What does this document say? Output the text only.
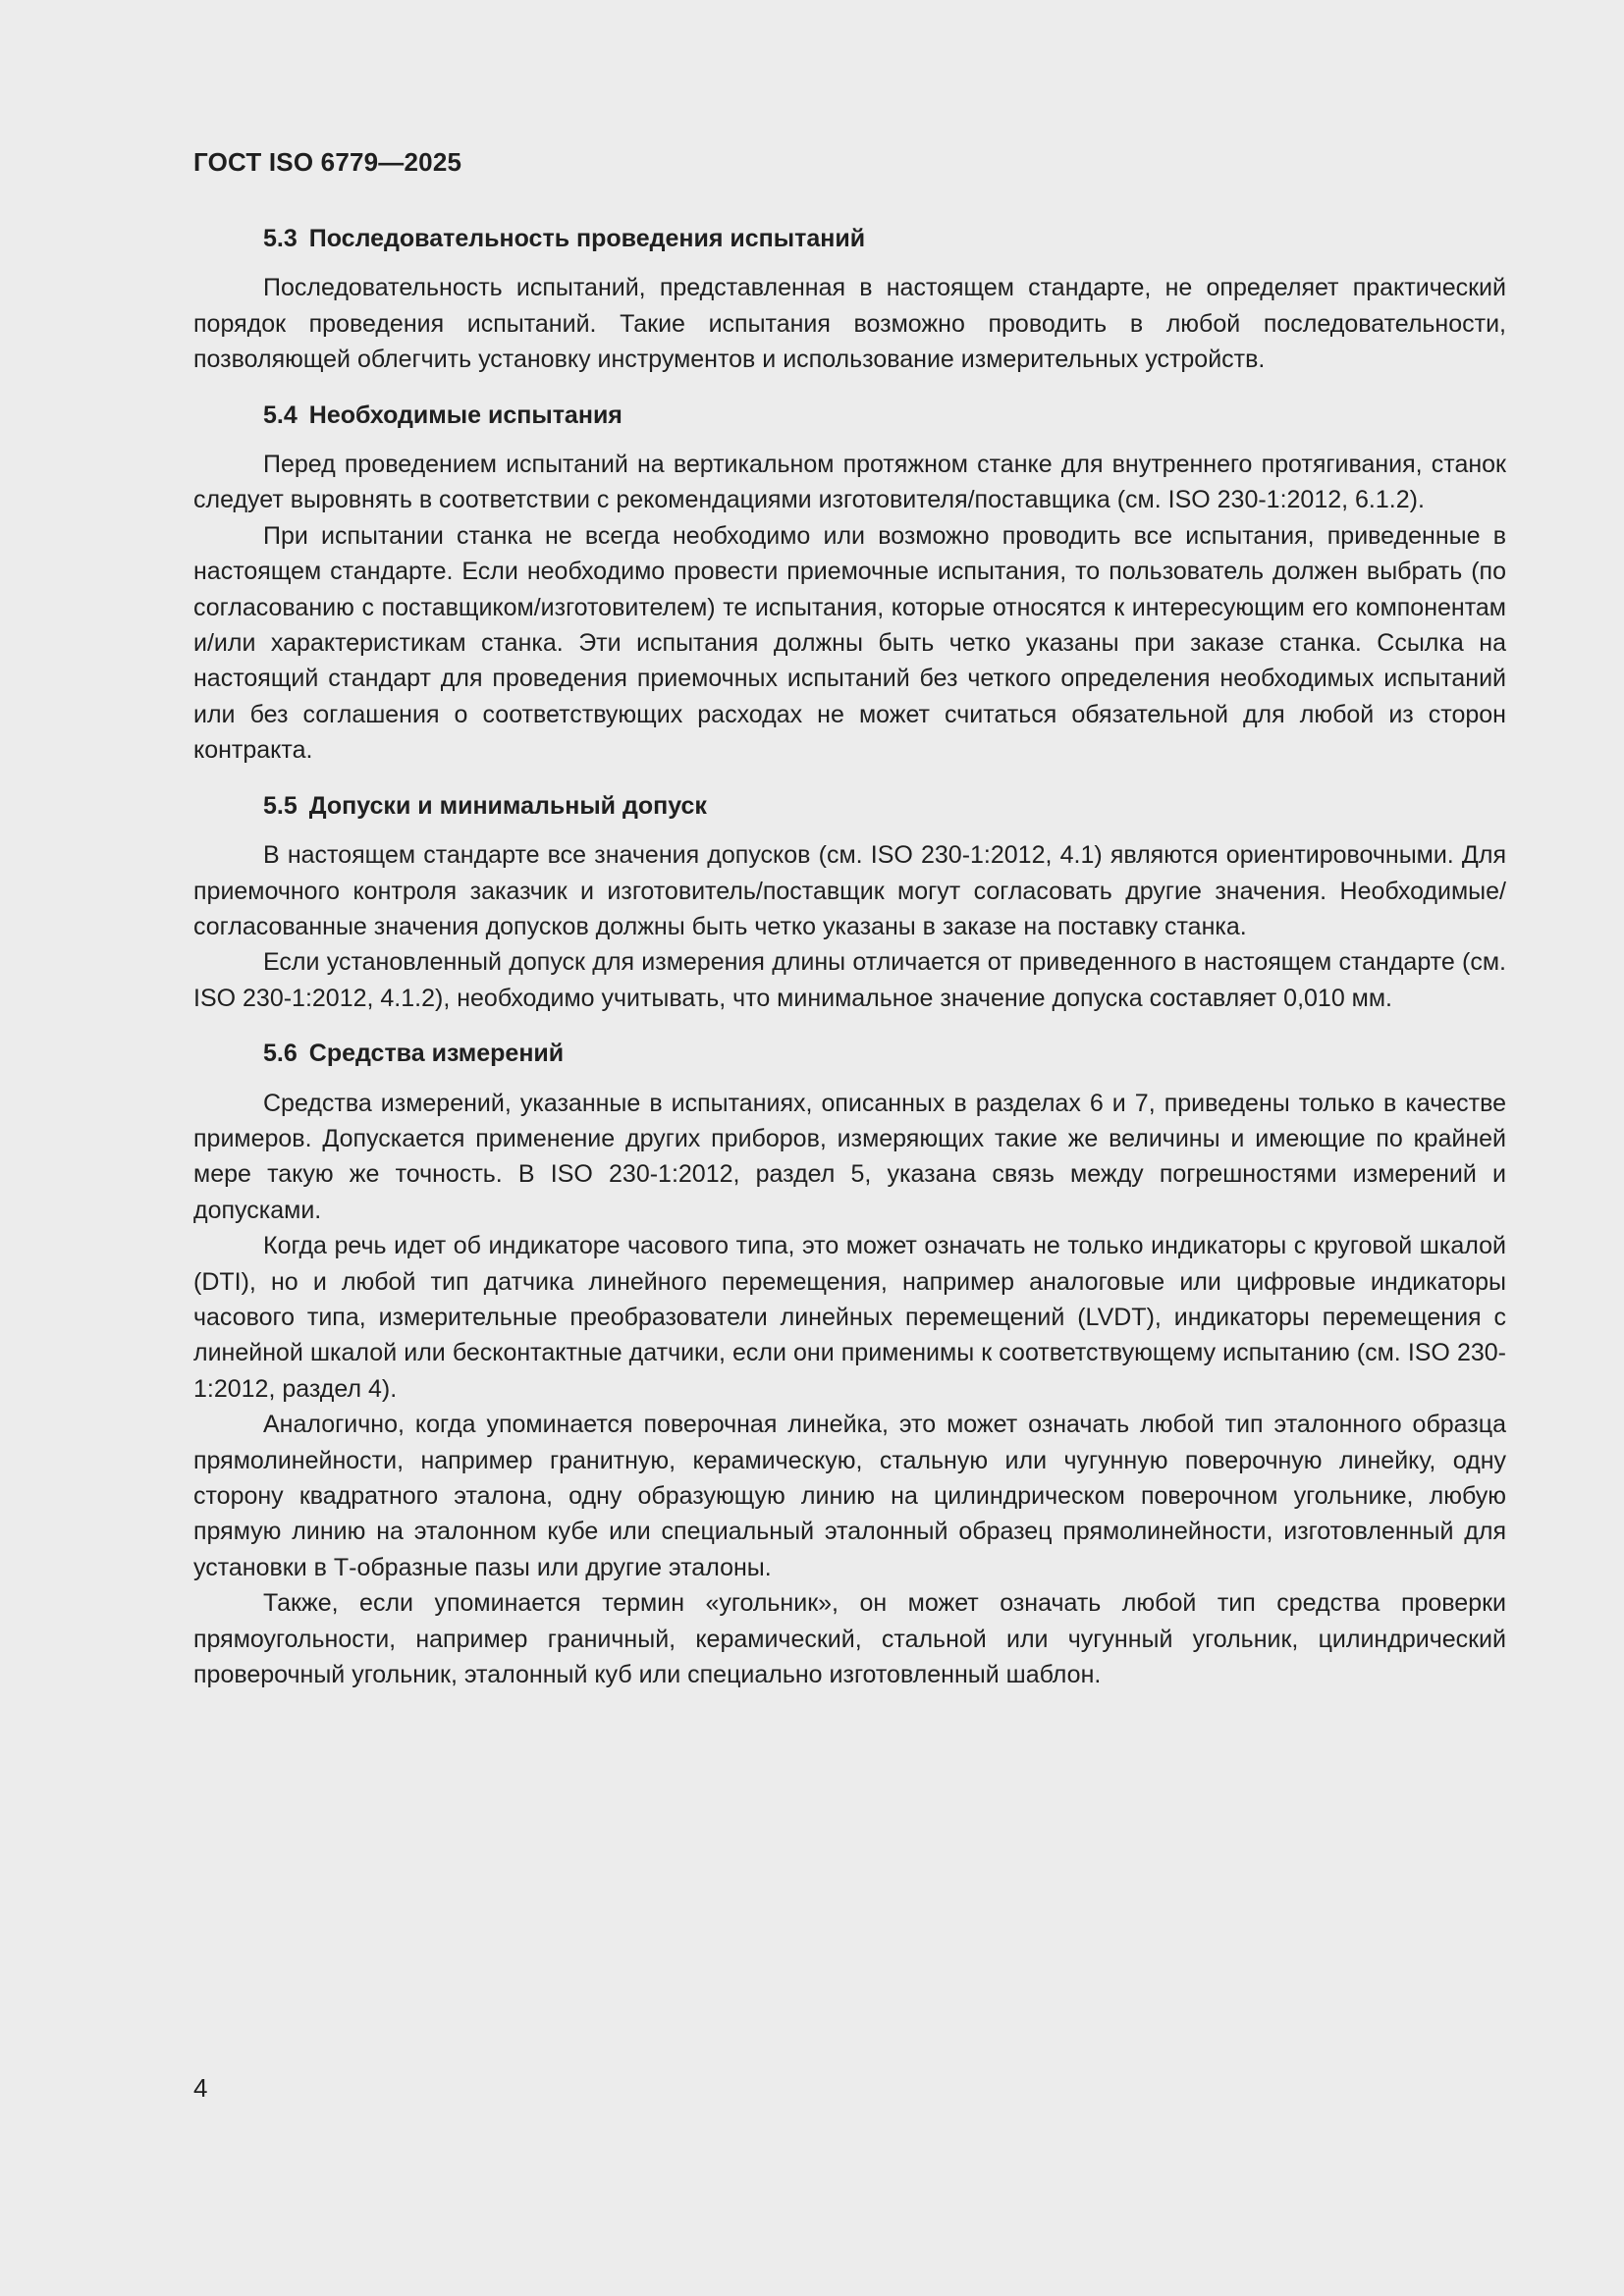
ГОСТ ISO 6779—2025
5.3 Последовательность проведения испытаний

Последовательность испытаний, представленная в настоящем стандарте, не определяет практический порядок проведения испытаний. Такие испытания возможно проводить в любой последовательности, позволяющей облегчить установку инструментов и использование измерительных устройств.

5.4 Необходимые испытания

Перед проведением испытаний на вертикальном протяжном станке для внутреннего протягивания, станок следует выровнять в соответствии с рекомендациями изготовителя/поставщика (см. ISO 230-1:2012, 6.1.2).

При испытании станка не всегда необходимо или возможно проводить все испытания, приведенные в настоящем стандарте. Если необходимо провести приемочные испытания, то пользователь должен выбрать (по согласованию с поставщиком/изготовителем) те испытания, которые относятся к интересующим его компонентам и/или характеристикам станка. Эти испытания должны быть четко указаны при заказе станка. Ссылка на настоящий стандарт для проведения приемочных испытаний без четкого определения необходимых испытаний или без соглашения о соответствующих расходах не может считаться обязательной для любой из сторон контракта.

5.5 Допуски и минимальный допуск

В настоящем стандарте все значения допусков (см. ISO 230-1:2012, 4.1) являются ориентировочными. Для приемочного контроля заказчик и изготовитель/поставщик могут согласовать другие значения. Необходимые/согласованные значения допусков должны быть четко указаны в заказе на поставку станка.

Если установленный допуск для измерения длины отличается от приведенного в настоящем стандарте (см. ISO 230-1:2012, 4.1.2), необходимо учитывать, что минимальное значение допуска составляет 0,010 мм.

5.6 Средства измерений

Средства измерений, указанные в испытаниях, описанных в разделах 6 и 7, приведены только в качестве примеров. Допускается применение других приборов, измеряющих такие же величины и имеющие по крайней мере такую же точность. В ISO 230-1:2012, раздел 5, указана связь между погрешностями измерений и допусками.

Когда речь идет об индикаторе часового типа, это может означать не только индикаторы с круговой шкалой (DTI), но и любой тип датчика линейного перемещения, например аналоговые или цифровые индикаторы часового типа, измерительные преобразователи линейных перемещений (LVDT), индикаторы перемещения с линейной шкалой или бесконтактные датчики, если они применимы к соответствующему испытанию (см. ISO 230-1:2012, раздел 4).

Аналогично, когда упоминается поверочная линейка, это может означать любой тип эталонного образца прямолинейности, например гранитную, керамическую, стальную или чугунную поверочную линейку, одну сторону квадратного эталона, одну образующую линию на цилиндрическом поверочном угольнике, любую прямую линию на эталонном кубе или специальный эталонный образец прямолинейности, изготовленный для установки в Т-образные пазы или другие эталоны.

Также, если упоминается термин «угольник», он может означать любой тип средства проверки прямоугольности, например граничный, керамический, стальной или чугунный угольник, цилиндрический проверочный угольник, эталонный куб или специально изготовленный шаблон.

4
